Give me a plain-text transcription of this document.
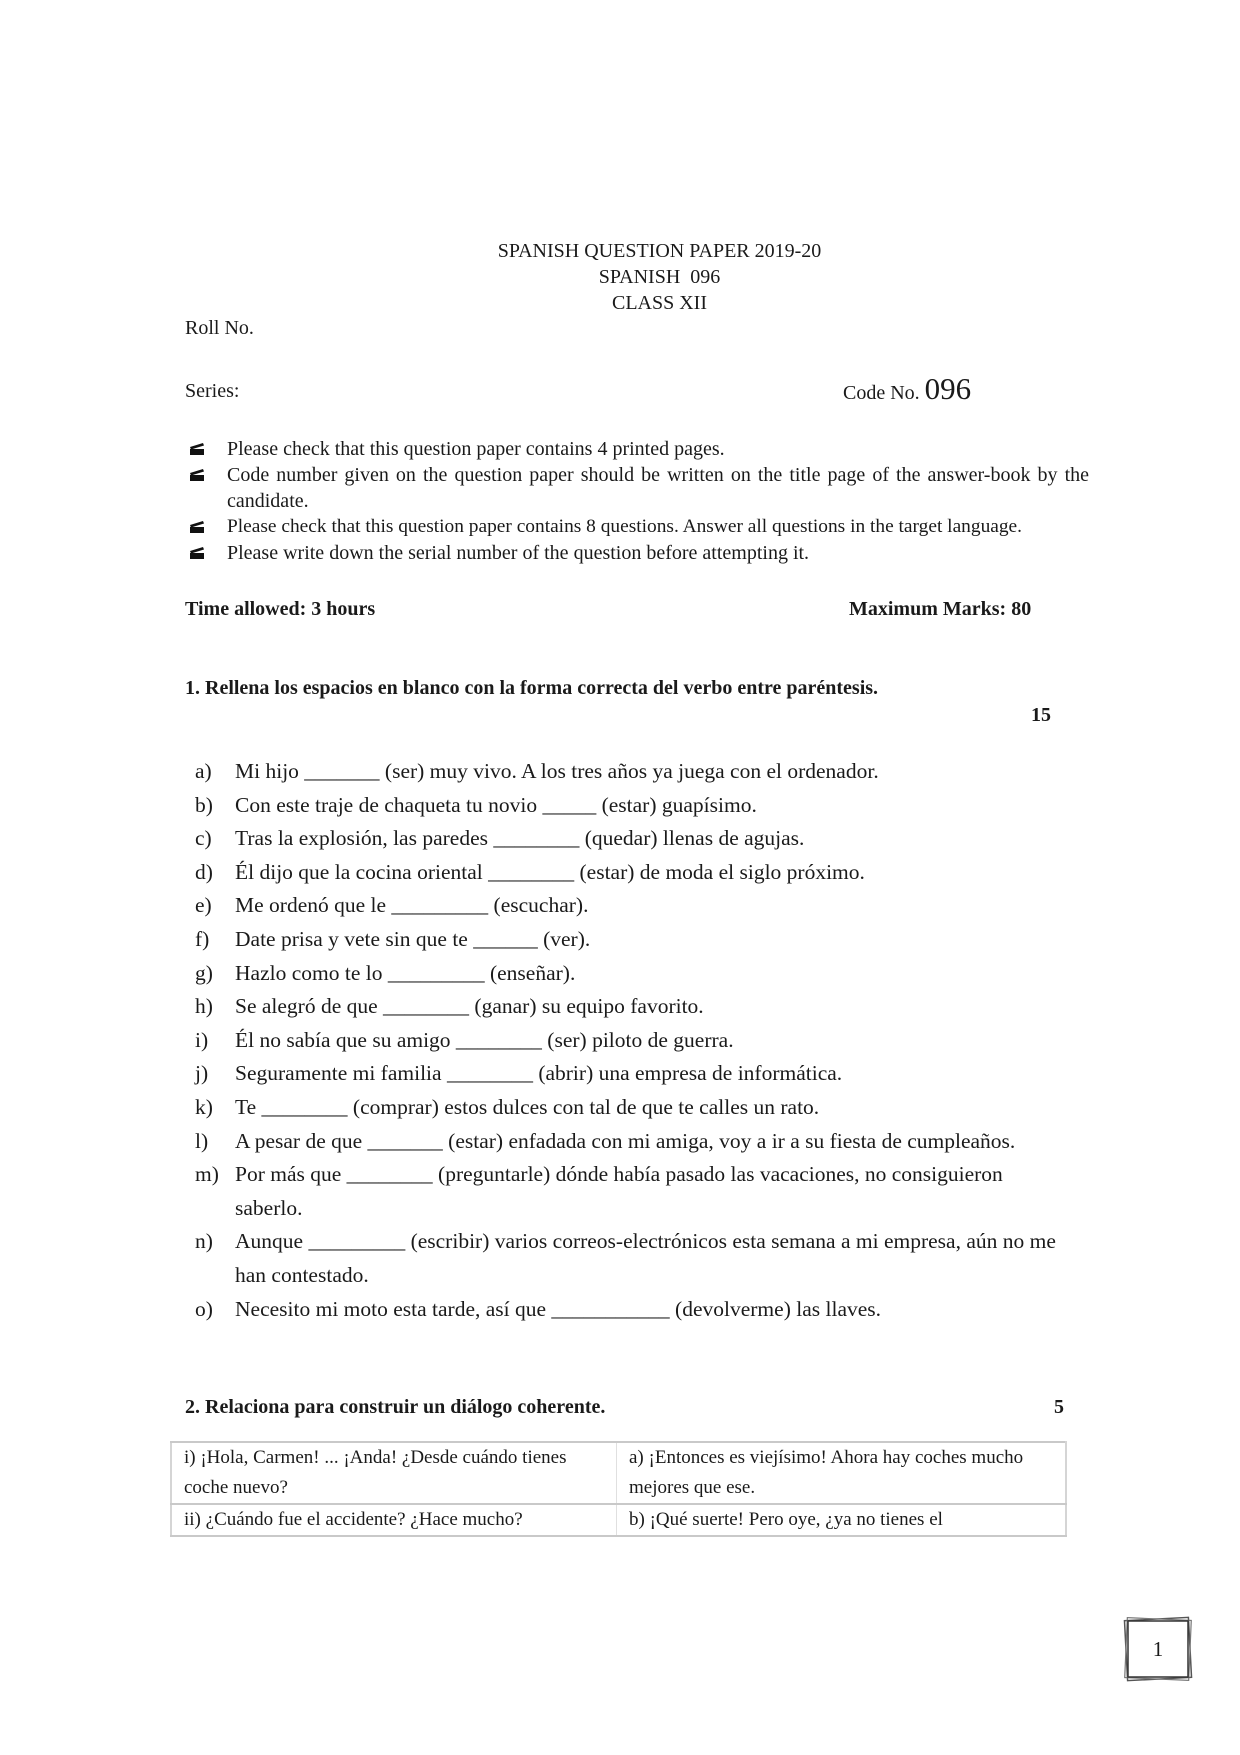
SPANISH QUESTION PAPER 2019-20
SPANISH  096
CLASS XII
Roll No.
Series:	Code No. 096
Please check that this question paper contains 4 printed pages.
Code number given on the question paper should be written on the title page of the answer-book by the candidate.
Please check that this question paper contains 8 questions. Answer all questions in the target language.
Please write down the serial number of the question before attempting it.
Time allowed: 3 hours	Maximum Marks: 80
1. Rellena los espacios en blanco con la forma correcta del verbo entre paréntesis.
15
a) Mi hijo _______ (ser) muy vivo. A los tres años ya juega con el ordenador.
b) Con este traje de chaqueta tu novio _____ (estar) guapísimo.
c) Tras la explosión, las paredes ________ (quedar) llenas de agujas.
d) Él dijo que la cocina oriental ________ (estar) de moda el siglo próximo.
e) Me ordenó que le _________ (escuchar).
f) Date prisa y vete sin que te ______ (ver).
g) Hazlo como te lo _________ (enseñar).
h) Se alegró de que ________ (ganar) su equipo favorito.
i) Él no sabía que su amigo ________ (ser) piloto de guerra.
j) Seguramente mi familia ________ (abrir) una empresa de informática.
k) Te ________ (comprar) estos dulces con tal de que te calles un rato.
l) A pesar de que _______ (estar) enfadada con mi amiga, voy a ir a su fiesta de cumpleaños.
m) Por más que ________ (preguntarle) dónde había pasado las vacaciones, no consiguieron saberlo.
n) Aunque _________ (escribir) varios correos-electrónicos esta semana a mi empresa, aún no me han contestado.
o) Necesito mi moto esta tarde, así que ___________ (devolverme) las llaves.
2. Relaciona para construir un diálogo coherente.	5
i) ¡Hola, Carmen! ... ¡Anda! ¿Desde cuándo tienes coche nuevo?	a) ¡Entonces es viejísimo! Ahora hay coches mucho mejores que ese.
ii) ¿Cuándo fue el accidente? ¿Hace mucho?	b) ¡Qué suerte! Pero oye, ¿ya no tienes el
1
